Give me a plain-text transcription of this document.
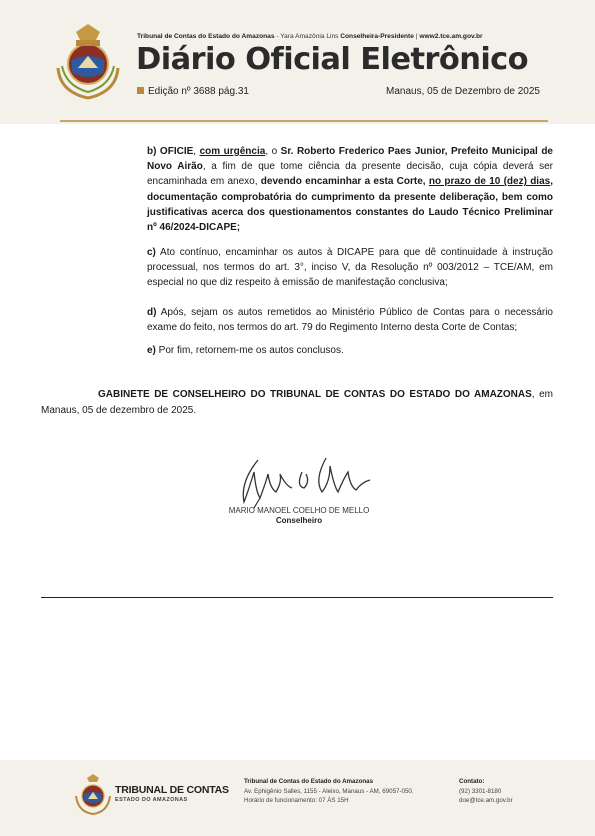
Tribunal de Contas do Estado do Amazonas - Yara Amazônia Lins Conselheira-Presidente | www2.tce.am.gov.br
Diário Oficial Eletrônico
Edição nº 3688 pág.31	Manaus, 05 de Dezembro de 2025
b) OFICIE, com urgência, o Sr. Roberto Frederico Paes Junior, Prefeito Municipal de Novo Airão, a fim de que tome ciência da presente decisão, cuja cópia deverá ser encaminhada em anexo, devendo encaminhar a esta Corte, no prazo de 10 (dez) dias, documentação comprobatória do cumprimento da presente deliberação, bem como justificativas acerca dos questionamentos constantes do Laudo Técnico Preliminar nº 46/2024-DICAPE;
c) Ato contínuo, encaminhar os autos à DICAPE para que dê continuidade à instrução processual, nos termos do art. 3°, inciso V, da Resolução nº 003/2012 – TCE/AM, em especial no que diz respeito à emissão de manifestação conclusiva;
d) Após, sejam os autos remetidos ao Ministério Público de Contas para o necessário exame do feito, nos termos do art. 79 do Regimento Interno desta Corte de Contas;
e) Por fim, retornem-me os autos conclusos.
GABINETE DE CONSELHEIRO DO TRIBUNAL DE CONTAS DO ESTADO DO AMAZONAS, em Manaus, 05 de dezembro de 2025.
MARIO MANOEL COELHO DE MELLO
Conselheiro
TRIBUNAL DE CONTAS
ESTADO DO AMAZONAS
Tribunal de Contas do Estado do Amazonas
Av. Ephigênio Salles, 1155 - Aleixo, Manaus - AM, 69057-050.
Horário de funcionamento: 07 ÀS 15H
Contato:
(92) 3301-8180
doe@tce.am.gov.br
